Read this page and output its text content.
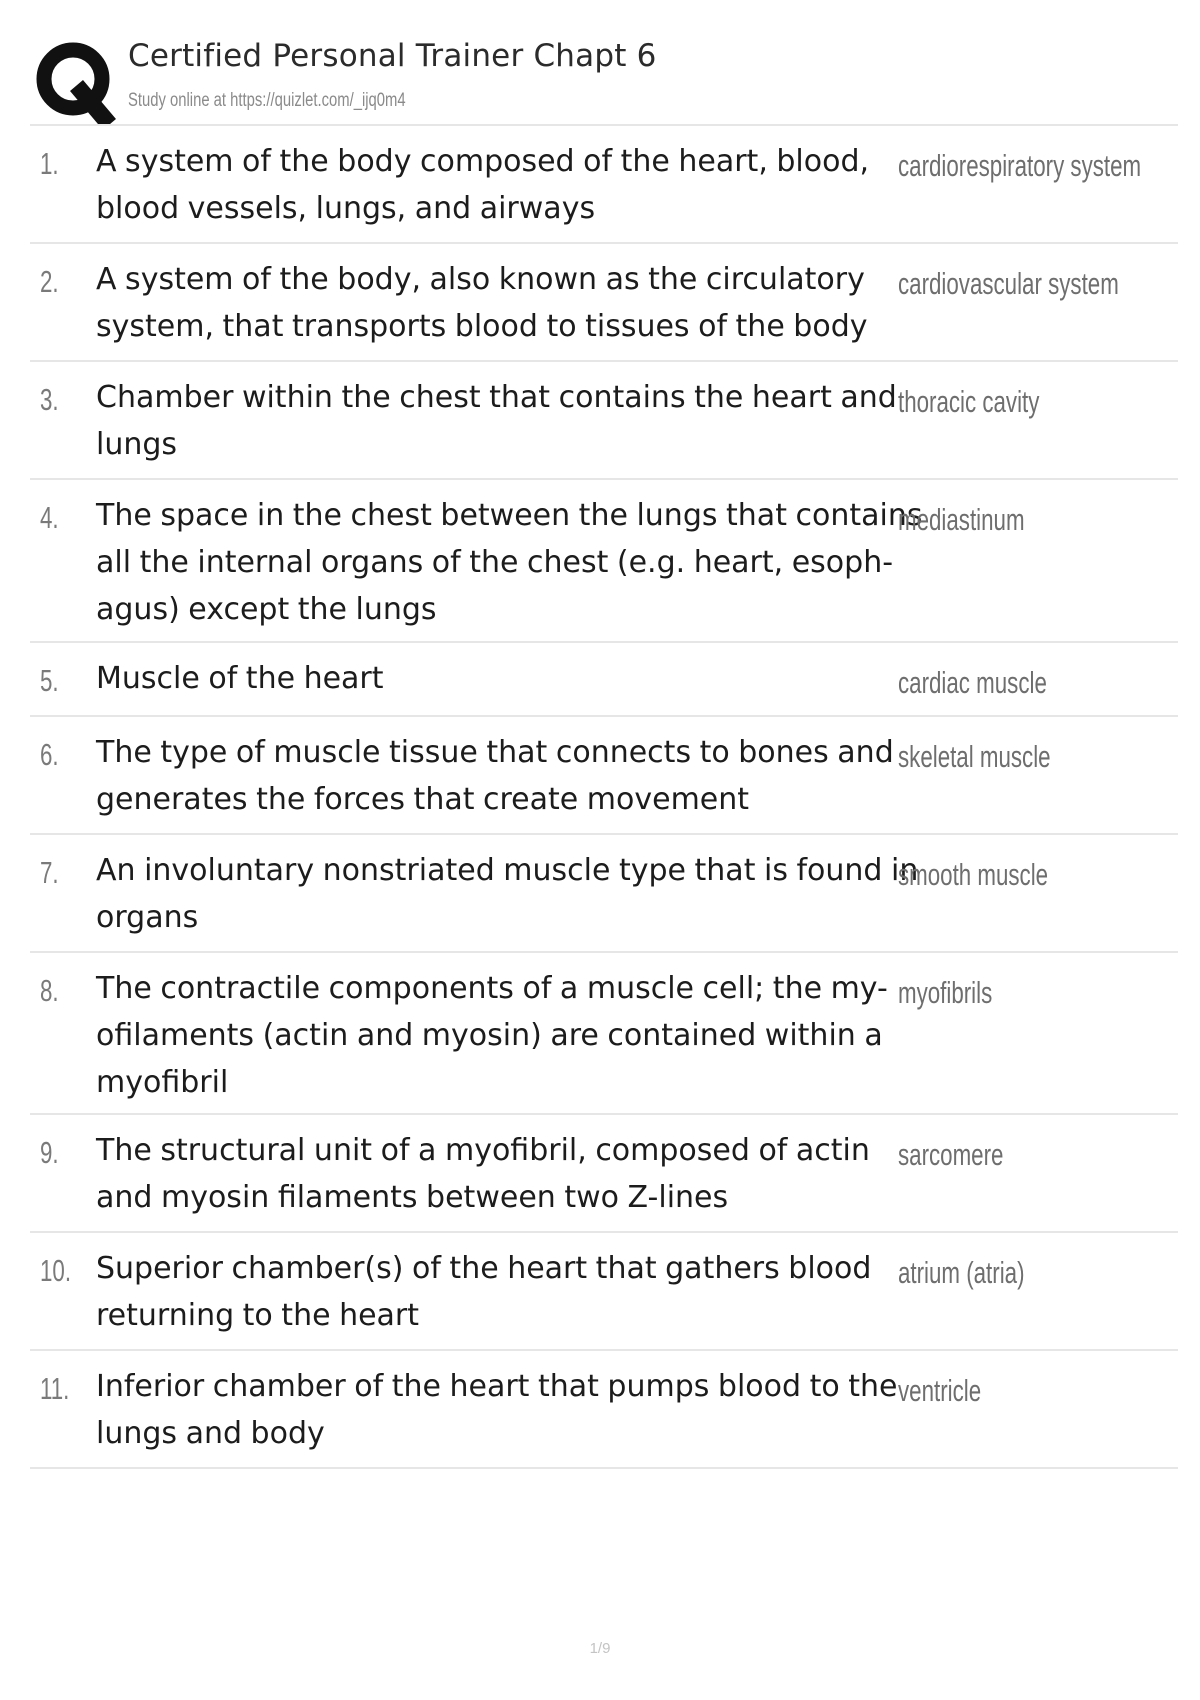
Certified Personal Trainer Chapt 6
Study online at https://quizlet.com/_ijq0m4
1. A system of the body composed of the heart, blood, blood vessels, lungs, and airways
cardiorespiratory system
2. A system of the body, also known as the circulatory system, that transports blood to tissues of the body
cardiovascular system
3. Chamber within the chest that contains the heart and lungs
thoracic cavity
4. The space in the chest between the lungs that contains all the internal organs of the chest (e.g. heart, esoph-agus) except the lungs
mediastinum
5. Muscle of the heart	cardiac muscle
6. The type of muscle tissue that connects to bones and generates the forces that create movement
skeletal muscle
7. An involuntary nonstriated muscle type that is found in organs
smooth muscle
8. The contractile components of a muscle cell; the my-ofilaments (actin and myosin) are contained within a myofibril
myofibrils
9. The structural unit of a myofibril, composed of actin and myosin filaments between two Z-lines
sarcomere
10. Superior chamber(s) of the heart that gathers blood returning to the heart
atrium (atria)
11. Inferior chamber of the heart that pumps blood to the lungs and body
ventricle
1/9
